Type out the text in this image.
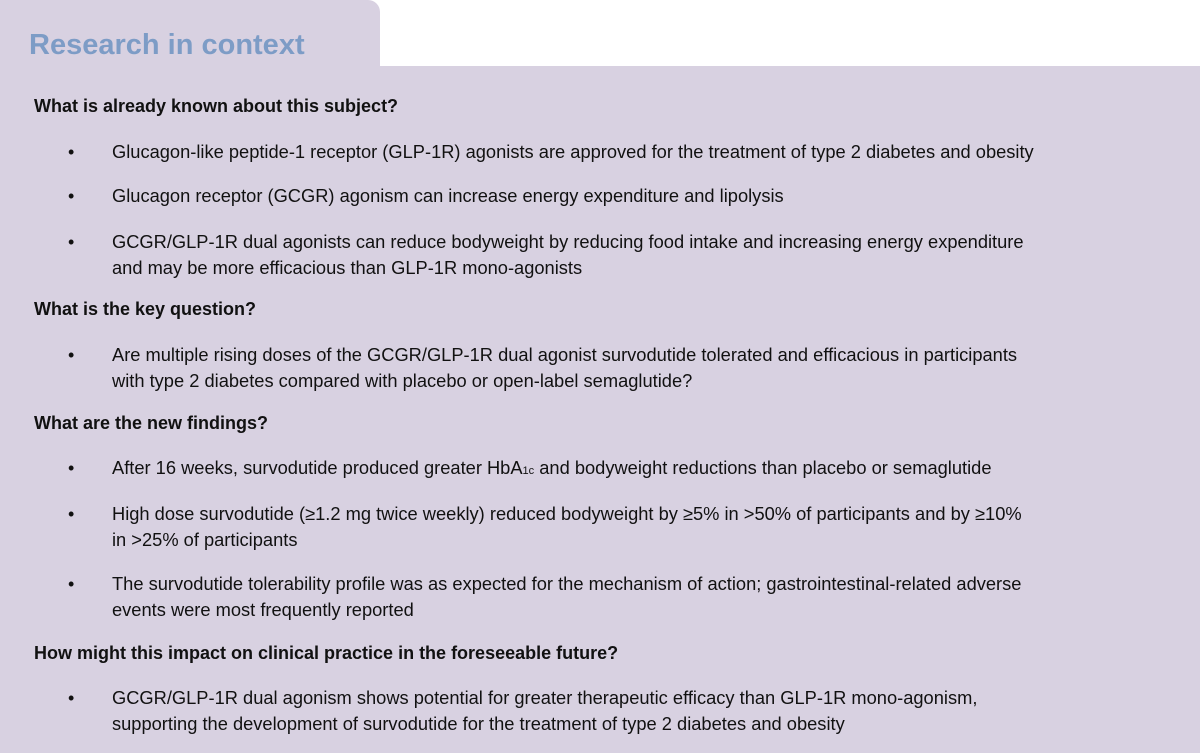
Research in context
What is already known about this subject?
• Glucagon-like peptide-1 receptor (GLP-1R) agonists are approved for the treatment of type 2 diabetes and obesity
• Glucagon receptor (GCGR) agonism can increase energy expenditure and lipolysis
• GCGR/GLP-1R dual agonists can reduce bodyweight by reducing food intake and increasing energy expenditure
and may be more efficacious than GLP-1R mono-agonists
What is the key question?
• Are multiple rising doses of the GCGR/GLP-1R dual agonist survodutide tolerated and efficacious in participants
with type 2 diabetes compared with placebo or open-label semaglutide?
What are the new findings?
• After 16 weeks, survodutide produced greater HbA1c and bodyweight reductions than placebo or semaglutide
• High dose survodutide (≥1.2 mg twice weekly) reduced bodyweight by ≥5% in >50% of participants and by ≥10%
in >25% of participants
• The survodutide tolerability profile was as expected for the mechanism of action; gastrointestinal-related adverse
events were most frequently reported
How might this impact on clinical practice in the foreseeable future?
• GCGR/GLP-1R dual agonism shows potential for greater therapeutic efficacy than GLP-1R mono-agonism,
supporting the development of survodutide for the treatment of type 2 diabetes and obesity
